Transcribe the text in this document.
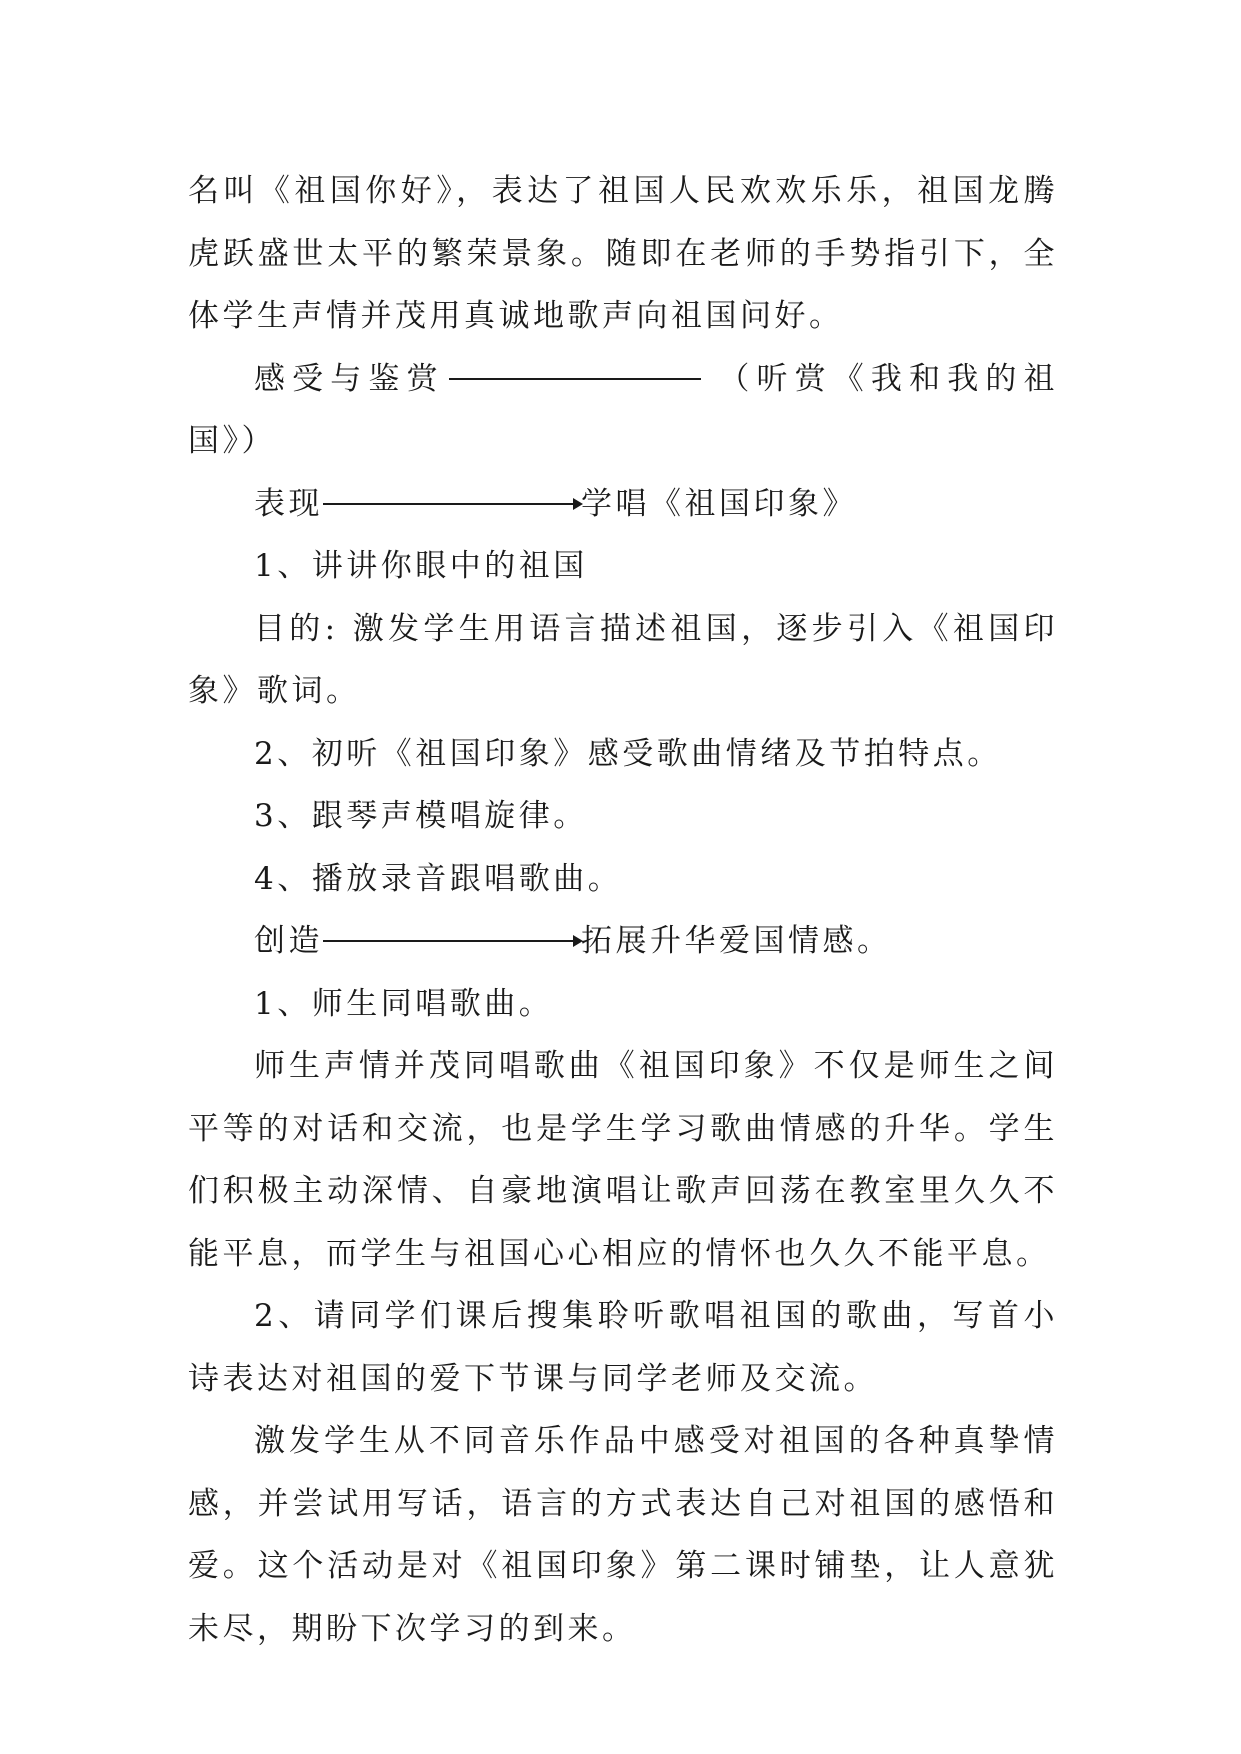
名叫《祖国你好》，表达了祖国人民欢欢乐乐，祖国龙腾虎跃盛世太平的繁荣景象。随即在老师的手势指引下，全体学生声情并茂用真诚地歌声向祖国问好。

感受与鉴赏	（听赏《我和我的祖国》）

表现	学唱《祖国印象》

1、讲讲你眼中的祖国

目的: 激发学生用语言描述祖国，逐步引入《祖国印象》歌词。

2、初听《祖国印象》感受歌曲情绪及节拍特点。

3、跟琴声模唱旋律。

4、播放录音跟唱歌曲。

创造	拓展升华爱国情感。

1、师生同唱歌曲。

师生声情并茂同唱歌曲《祖国印象》不仅是师生之间平等的对话和交流，也是学生学习歌曲情感的升华。学生们积极主动深情、自豪地演唱让歌声回荡在教室里久久不能平息，而学生与祖国心心相应的情怀也久久不能平息。

2、请同学们课后搜集聆听歌唱祖国的歌曲，写首小诗表达对祖国的爱下节课与同学老师及交流。

激发学生从不同音乐作品中感受对祖国的各种真挚情感，并尝试用写话，语言的方式表达自己对祖国的感悟和爱。这个活动是对《祖国印象》第二课时铺垫，让人意犹未尽，期盼下次学习的到来。
